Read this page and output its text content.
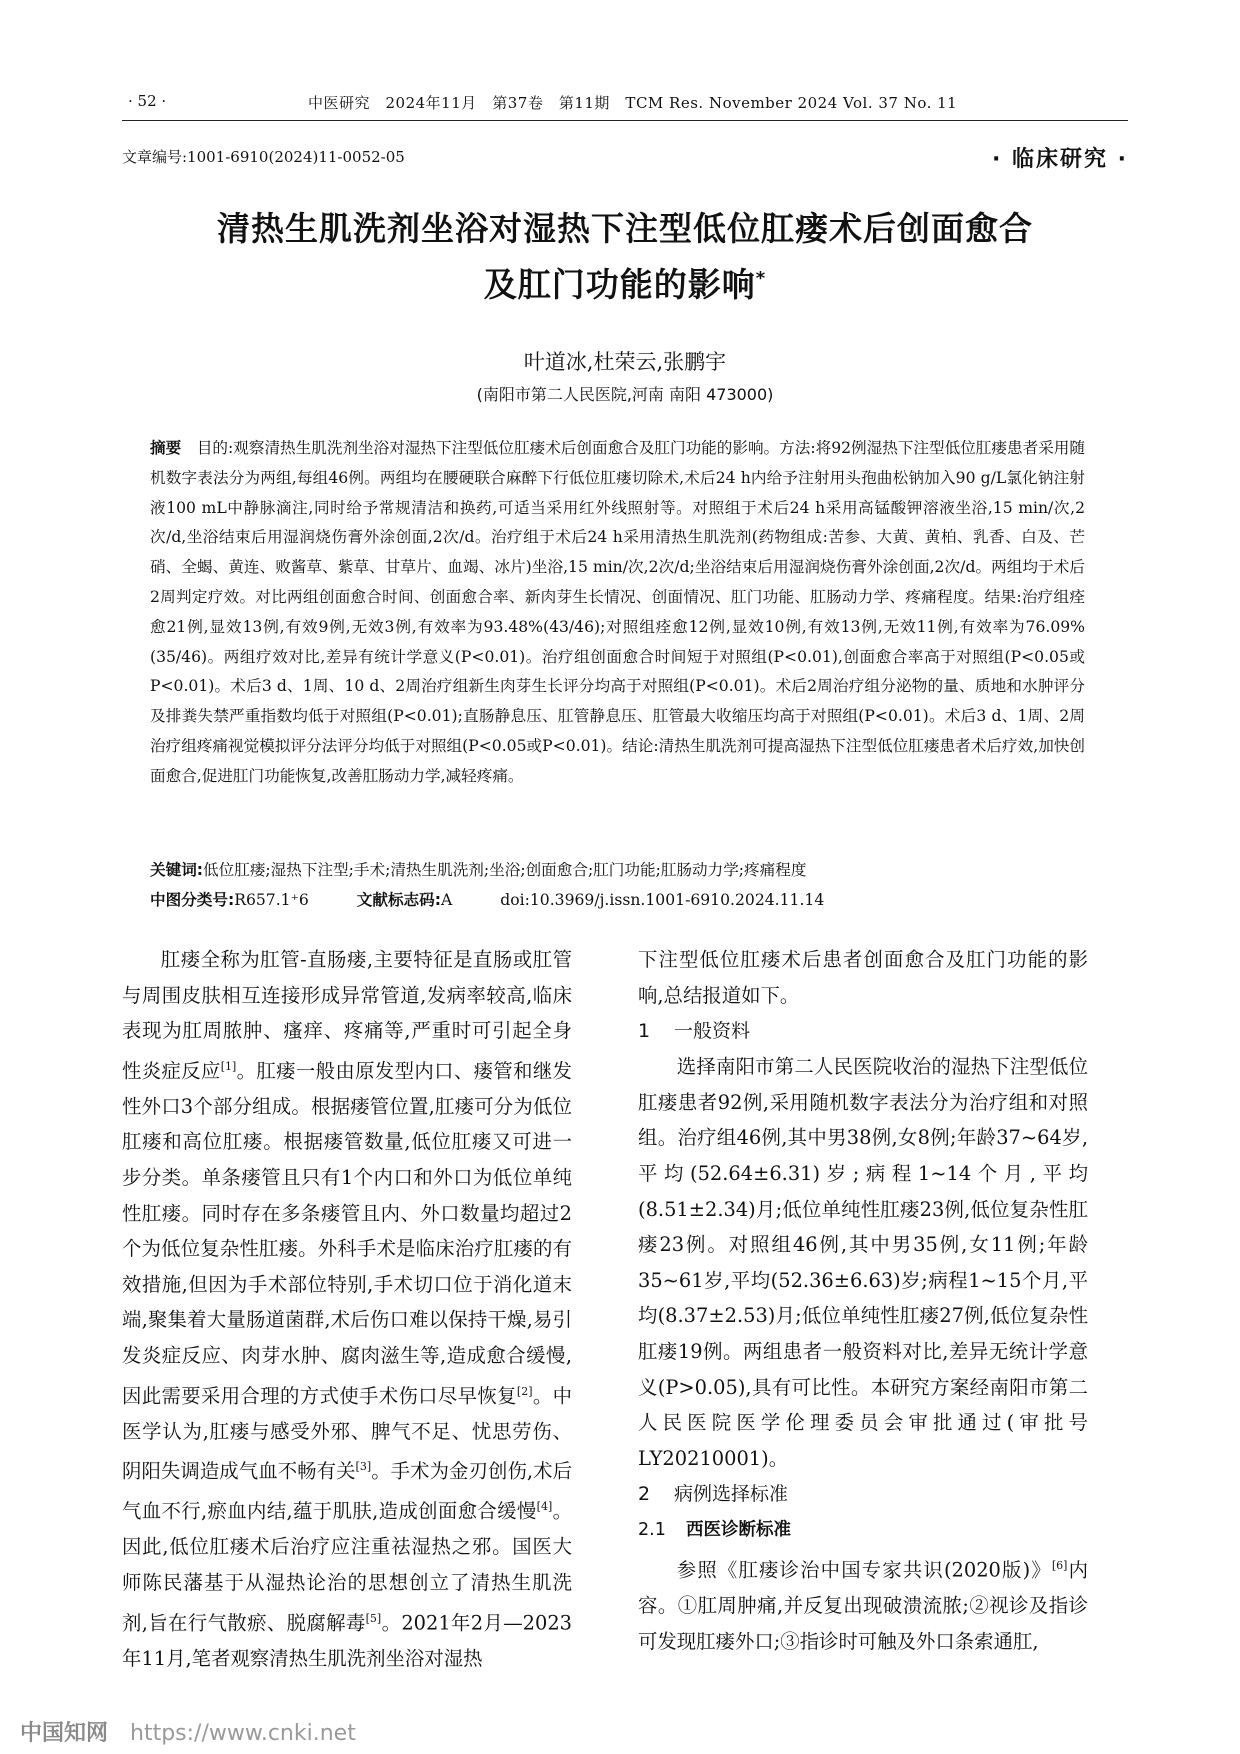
· 52 ·	中医研究　2024年11月　第37卷　第11期　TCM Res. November 2024 Vol. 37 No. 11
文章编号:1001-6910(2024)11-0052-05	· 临床研究 ·
清热生肌洗剂坐浴对湿热下注型低位肛瘘术后创面愈合
及肛门功能的影响*
叶道冰,杜荣云,张鹏宇
(南阳市第二人民医院,河南 南阳 473000)

摘要　 目的:观察清热生肌洗剂坐浴对湿热下注型低位肛瘘术后创面愈合及肛门功能的影响。方法:将92例湿热下注型低位肛瘘患者采用随机数字表法分为两组,每组46例。两组均在腰硬联合麻醉下行低位肛瘘切除术,术后24 h内给予注射用头孢曲松钠加入90 g/L氯化钠注射液100 mL中静脉滴注,同时给予常规清洁和换药,可适当采用红外线照射等。对照组于术后24 h采用高锰酸钾溶液坐浴,15 min/次,2次/d,坐浴结束后用湿润烧伤膏外涂创面,2次/d。治疗组于术后24 h采用清热生肌洗剂(药物组成:苦参、大黄、黄柏、乳香、白及、芒硝、全蝎、黄连、败酱草、紫草、甘草片、血竭、冰片)坐浴,15 min/次,2次/d;坐浴结束后用湿润烧伤膏外涂创面,2次/d。两组均于术后2周判定疗效。对比两组创面愈合时间、创面愈合率、新肉芽生长情况、创面情况、肛门功能、肛肠动力学、疼痛程度。结果:治疗组痊愈21例,显效13例,有效9例,无效3例,有效率为93.48%(43/46);对照组痊愈12例,显效10例,有效13例,无效11例,有效率为76.09%(35/46)。两组疗效对比,差异有统计学意义(P<0.01)。治疗组创面愈合时间短于对照组(P<0.01),创面愈合率高于对照组(P<0.05或P<0.01)。术后3 d、1周、10 d、2周治疗组新生肉芽生长评分均高于对照组(P<0.01)。术后2周治疗组分泌物的量、质地和水肿评分及排粪失禁严重指数均低于对照组(P<0.01);直肠静息压、肛管静息压、肛管最大收缩压均高于对照组(P<0.01)。术后3 d、1周、2周治疗组疼痛视觉模拟评分法评分均低于对照组(P<0.05或P<0.01)。结论:清热生肌洗剂可提高湿热下注型低位肛瘘患者术后疗效,加快创面愈合,促进肛门功能恢复,改善肛肠动力学,减轻疼痛。

关键词:低位肛瘘;湿热下注型;手术;清热生肌洗剂;坐浴;创面愈合;肛门功能;肛肠动力学;疼痛程度
中图分类号:R657.1⁺6	文献标志码:A	doi:10.3969/j.issn.1001-6910.2024.11.14

肛瘘全称为肛管-直肠瘘,主要特征是直肠或肛管与周围皮肤相互连接形成异常管道,发病率较高,临床表现为肛周脓肿、瘙痒、疼痛等,严重时可引起全身性炎症反应[1]。肛瘘一般由原发型内口、瘘管和继发性外口3个部分组成。根据瘘管位置,肛瘘可分为低位肛瘘和高位肛瘘。根据瘘管数量,低位肛瘘又可进一步分类。单条瘘管且只有1个内口和外口为低位单纯性肛瘘。同时存在多条瘘管且内、外口数量均超过2个为低位复杂性肛瘘。外科手术是临床治疗肛瘘的有效措施,但因为手术部位特别,手术切口位于消化道末端,聚集着大量肠道菌群,术后伤口难以保持干燥,易引发炎症反应、肉芽水肿、腐肉滋生等,造成愈合缓慢,因此需要采用合理的方式使手术伤口尽早恢复[2]。中医学认为,肛瘘与感受外邪、脾气不足、忧思劳伤、阴阳失调造成气血不畅有关[3]。手术为金刃创伤,术后气血不行,瘀血内结,蕴于肌肤,造成创面愈合缓慢[4]。因此,低位肛瘘术后治疗应注重祛湿热之邪。国医大师陈民藩基于从湿热论治的思想创立了清热生肌洗剂,旨在行气散瘀、脱腐解毒[5]。2021年2月—2023年11月,笔者观察清热生肌洗剂坐浴对湿热

下注型低位肛瘘术后患者创面愈合及肛门功能的影响,总结报道如下。

1 一般资料

选择南阳市第二人民医院收治的湿热下注型低位肛瘘患者92例,采用随机数字表法分为治疗组和对照组。治疗组46例,其中男38例,女8例;年龄37~64岁,平均(52.64±6.31)岁;病程1~14个月,平均(8.51±2.34)月;低位单纯性肛瘘23例,低位复杂性肛瘘23例。对照组46例,其中男35例,女11例;年龄35~61岁,平均(52.36±6.63)岁;病程1~15个月,平均(8.37±2.53)月;低位单纯性肛瘘27例,低位复杂性肛瘘19例。两组患者一般资料对比,差异无统计学意义(P>0.05),具有可比性。本研究方案经南阳市第二人民医院医学伦理委员会审批通过(审批号LY20210001)。

2 病例选择标准

2.1 西医诊断标准

参照《肛瘘诊治中国专家共识(2020版)》[6]内容。①肛周肿痛,并反复出现破溃流脓;②视诊及指诊可发现肛瘘外口;③指诊时可触及外口条索通肛,

中国知网 https://www.cnki.net
